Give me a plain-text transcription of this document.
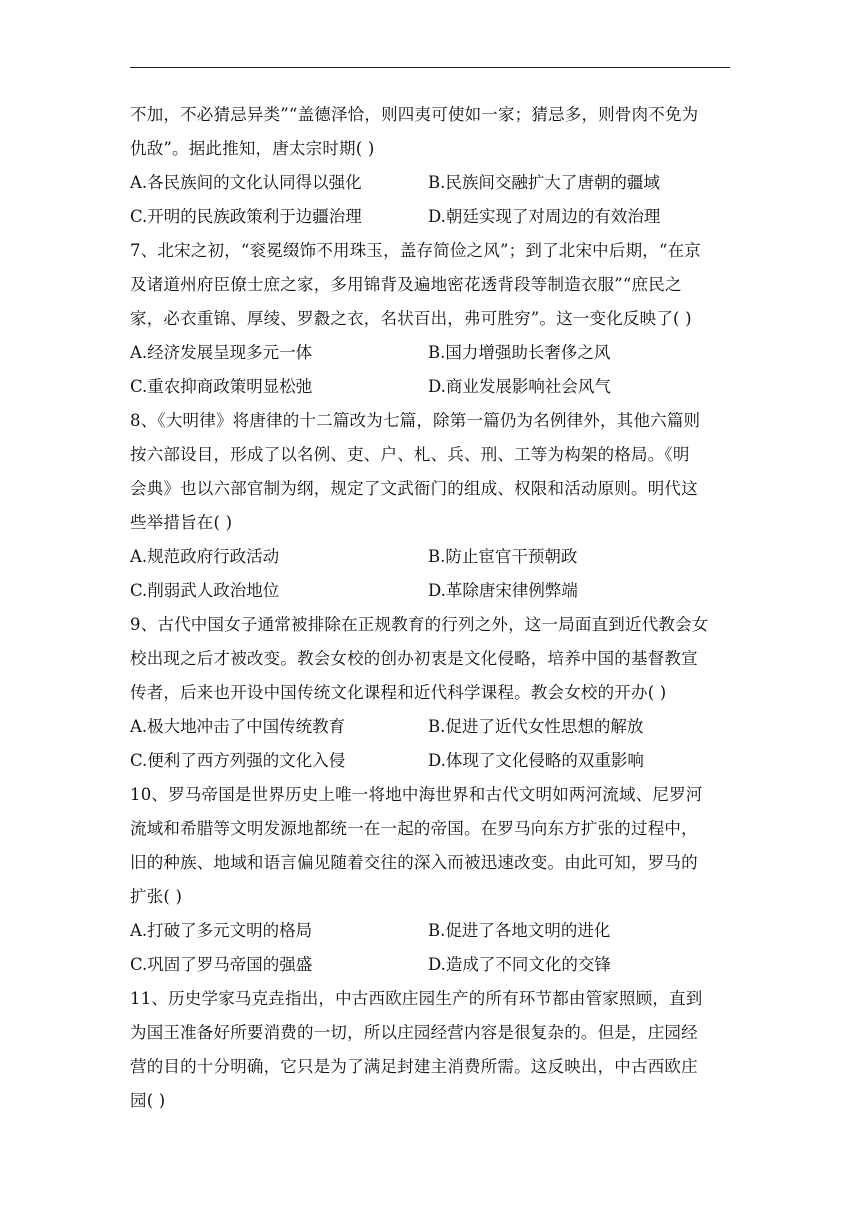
不加，不必猜忌异类”“盖德泽恰，则四夷可使如一家；猜忌多，则骨肉不免为
仇敌”。据此推知，唐太宗时期( )
A.各民族间的文化认同得以强化	B.民族间交融扩大了唐朝的疆域
C.开明的民族政策利于边疆治理	D.朝廷实现了对周边的有效治理
7、北宋之初，“衮冕缀饰不用珠玉，盖存简俭之风”；到了北宋中后期，“在京
及诸道州府臣僚士庶之家，多用锦背及遍地密花透背段等制造衣服”“庶民之
家，必衣重锦、厚绫、罗縠之衣，名状百出，弗可胜穷”。这一变化反映了( )
A.经济发展呈现多元一体	B.国力增强助长奢侈之风
C.重农抑商政策明显松弛	D.商业发展影响社会风气
8、《大明律》将唐律的十二篇改为七篇，除第一篇仍为名例律外，其他六篇则
按六部设目，形成了以名例、吏、户、札、兵、刑、工等为构架的格局。《明
会典》也以六部官制为纲，规定了文武衙门的组成、权限和活动原则。明代这
些举措旨在( )
A.规范政府行政活动	B.防止宦官干预朝政
C.削弱武人政治地位	D.革除唐宋律例弊端
9、古代中国女子通常被排除在正规教育的行列之外，这一局面直到近代教会女
校出现之后才被改变。教会女校的创办初衷是文化侵略，培养中国的基督教宣
传者，后来也开设中国传统文化课程和近代科学课程。教会女校的开办( )
A.极大地冲击了中国传统教育	B.促进了近代女性思想的解放
C.便利了西方列强的文化入侵	D.体现了文化侵略的双重影响
10、罗马帝国是世界历史上唯一将地中海世界和古代文明如两河流域、尼罗河
流域和希腊等文明发源地都统一在一起的帝国。在罗马向东方扩张的过程中，
旧的种族、地域和语言偏见随着交往的深入而被迅速改变。由此可知，罗马的
扩张( )
A.打破了多元文明的格局	B.促进了各地文明的进化
C.巩固了罗马帝国的强盛	D.造成了不同文化的交锋
11、历史学家马克垚指出，中古西欧庄园生产的所有环节都由管家照顾，直到
为国王准备好所要消费的一切，所以庄园经营内容是很复杂的。但是，庄园经
营的目的十分明确，它只是为了满足封建主消费所需。这反映出，中古西欧庄
园( )
